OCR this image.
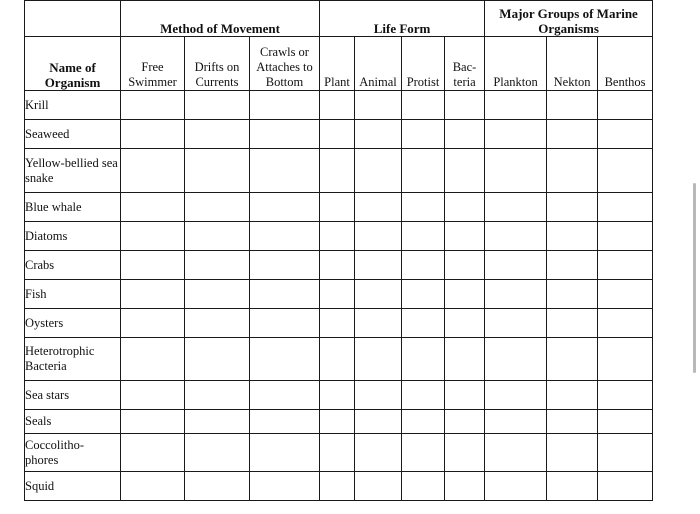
	Method of Movement			Life Form				Major Groups of Marine Organisms		

Name of Organism	Free Swimmer	Drifts on Currents	Crawls or Attaches to Bottom	Plant	Animal	Protist	Bac- teria	Plankton	Nekton	Benthos
Krill										
Seaweed										
Yellow-bellied sea snake										
Blue whale										
Diatoms										
Crabs										
Fish										
Oysters										
Heterotrophic Bacteria										
Sea stars										
Seals										
Coccolitho- phores										
Squid										
